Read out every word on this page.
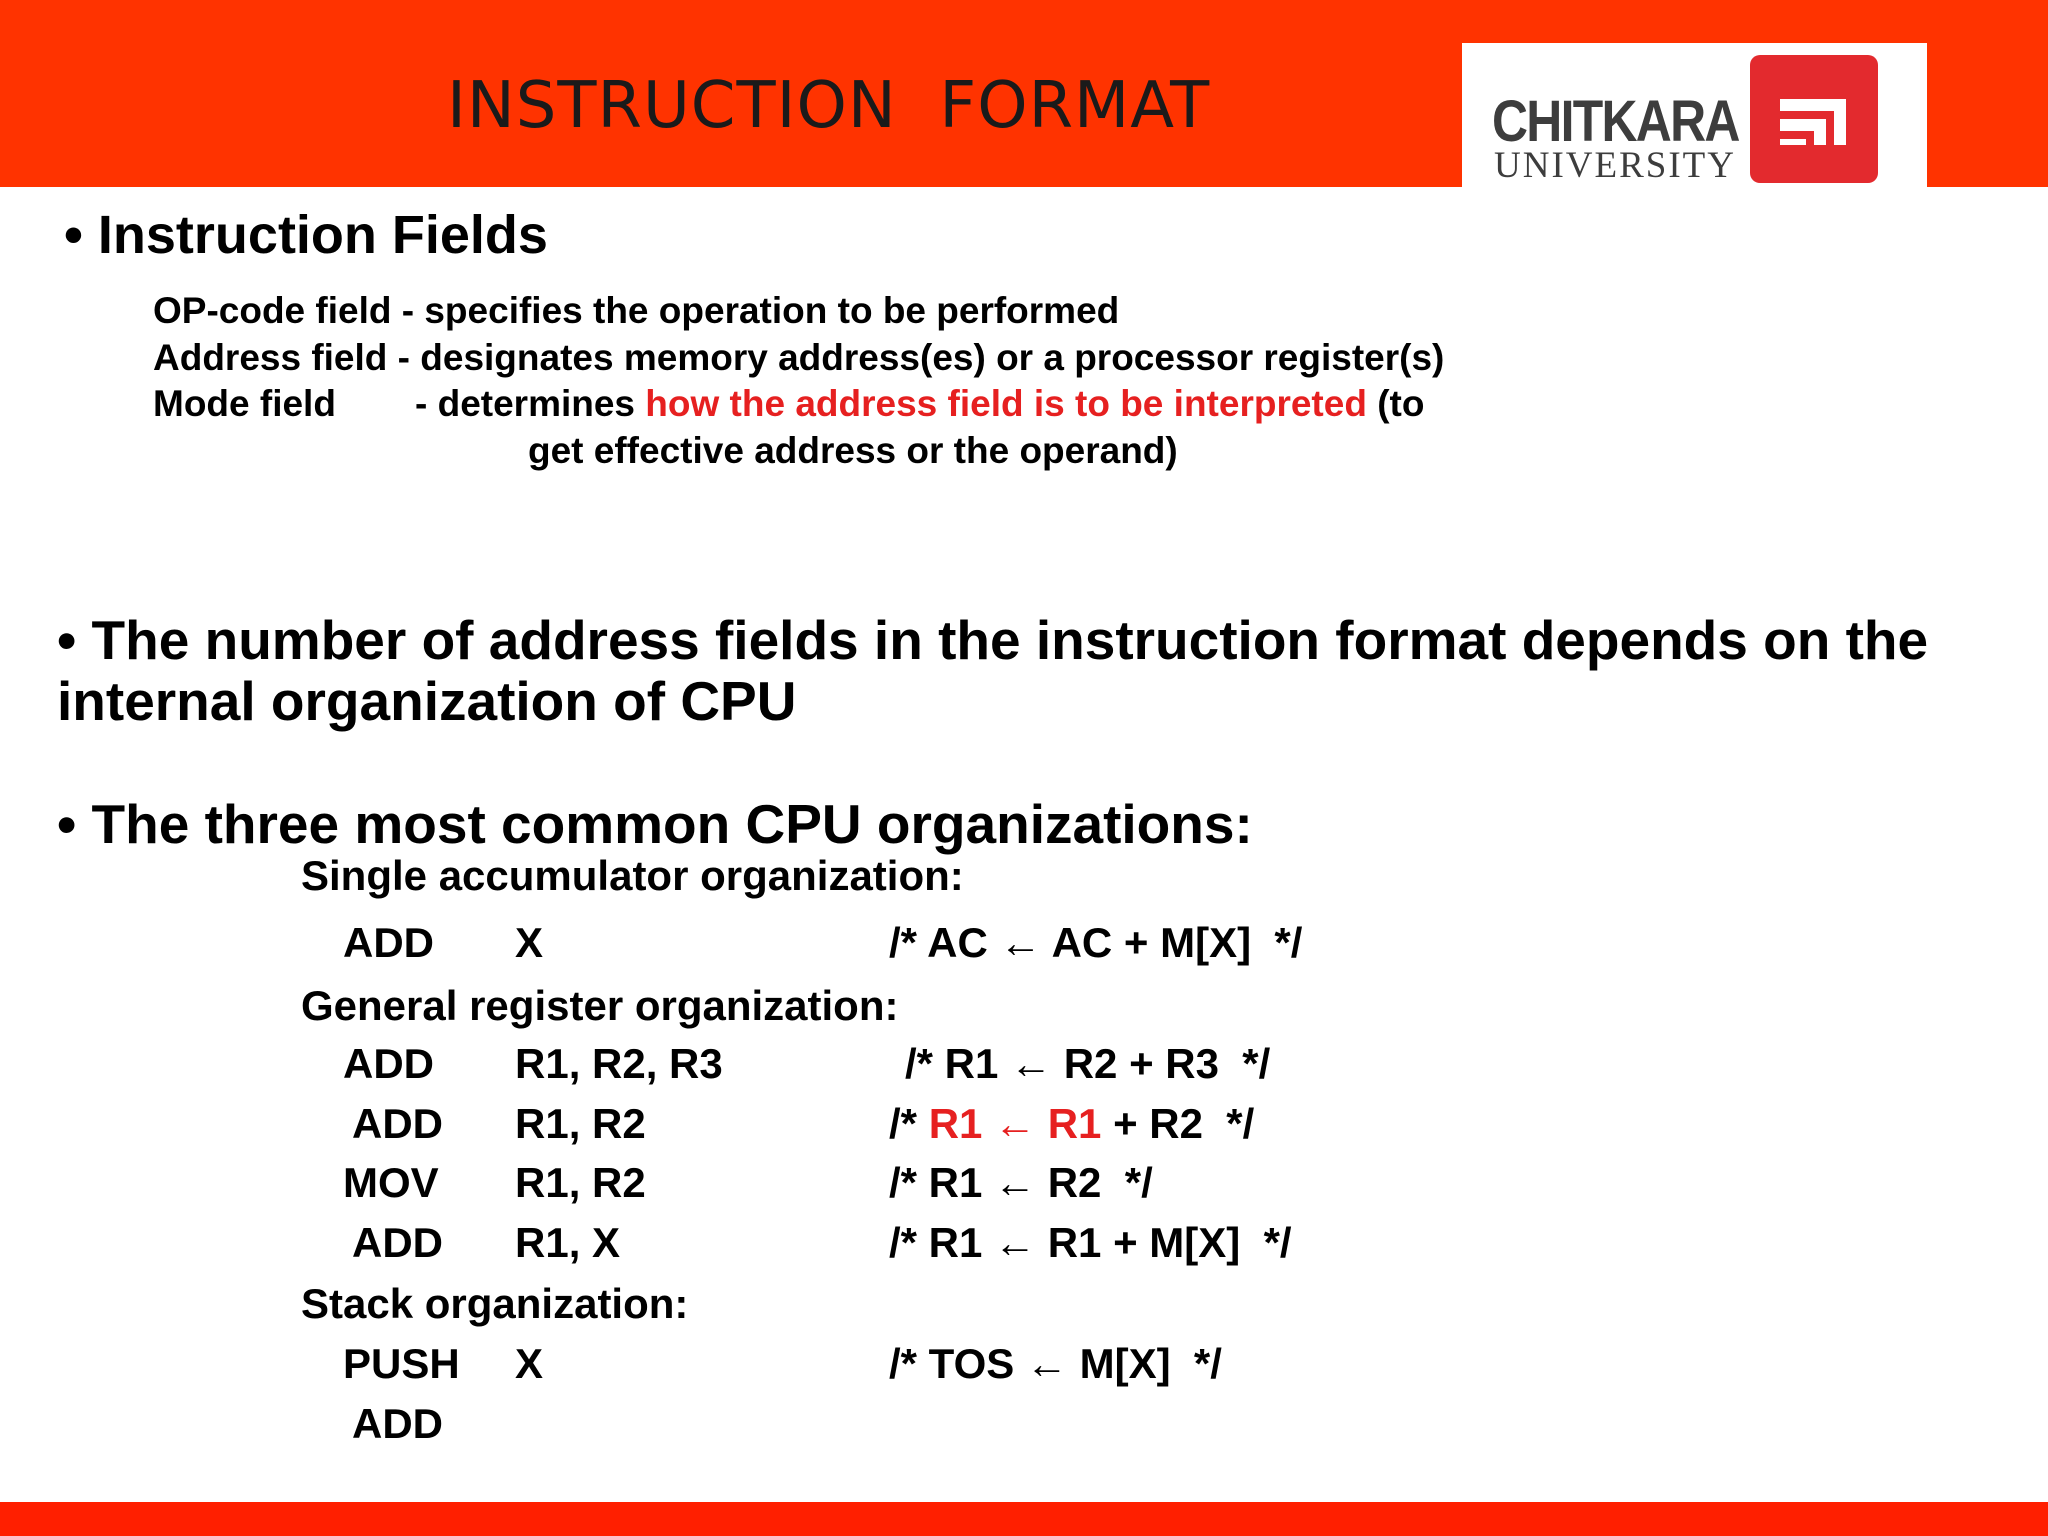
INSTRUCTION  FORMAT	CHITKARA
UNIVERSITY
• Instruction Fields
OP-code field - specifies the operation to be performed
Address field - designates memory address(es) or a processor register(s)
Mode field - determines how the address field is to be interpreted (to
get effective address or the operand)
• The number of address fields in the instruction format depends on the
internal organization of CPU
• The three most common CPU organizations:
Single accumulator organization:
ADD X	/* AC ← AC + M[X]  */
General register organization:
ADD R1, R2, R3	/* R1 ← R2 + R3  */
ADD R1, R2	/* R1 ← R1 + R2  */
MOV R1, R2	/* R1 ← R2  */
ADD R1, X	/* R1 ← R1 + M[X]  */
Stack organization:
PUSH X	/* TOS ← M[X]  */
ADD
